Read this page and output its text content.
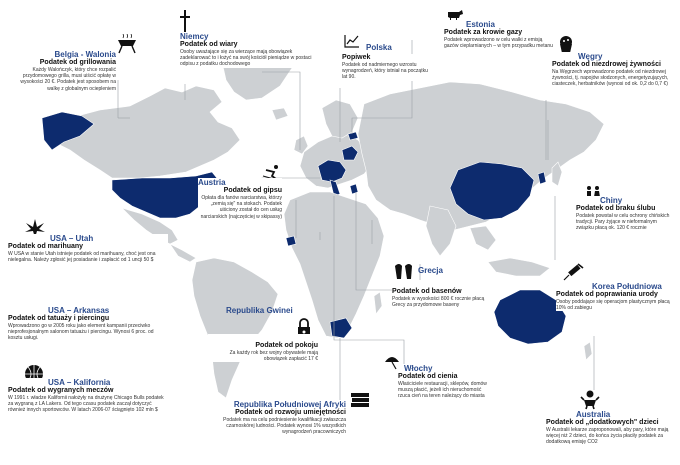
Belgia - Walonia
Podatek od grillowania
Każdy Walończyk, który chce rozpalić przydomowego grilla, musi uiścić opłatę w wysokości 20 €. Podatek jest sposobem na walkę z globalnym ociepleniem
Niemcy
Podatek od wiary
Osoby uważające się za wierzące mają obowiązek zadeklarować to i łożyć na swój kościół pieniądze w postaci odpisu z podatku dochodowego
Polska
Popiwek
Podatek od nadmiernego wzrostu wynagrodzeń, który istniał na początku lat 90.
Estonia
Podatek za krowie gazy
Podatek wprowadzono w celu walki z emisją gazów cieplarnianych – w tym przypadku metanu
Węgry
Podatek od niezdrowej żywności
Na Węgrzech wprowadzono podatek od niezdrowej żywności, tj. napojów słodzonych, energetyzujących, ciasteczek, herbatników (wynosi od ok. 0,2 do 0,7 €)
Austria
Podatek od gipsu
Opłata dla fanów narciarstwa, którzy „zemią się" na stokach. Podatek uiściony został do cen usług narciarskich (najczęściej w skipassy)
Chiny
Podatek od braku ślubu
Podatek powstał w celu ochrony chińskich tradycji. Pary żyjące w nieformalnym związku płacą ok. 120 € rocznie
USA – Utah
Podatek od marihuany
W USA w stanie Utah istnieje podatek od marihuany, choć jest ona nielegalna. Należy zgłosić jej posiadanie i zapłacić od 1 uncji 50 $
USA – Arkansas
Podatek od tatuaży i piercingu
Wprowadzono go w 2005 roku jako element kampanii przeciwko nieprofesjonalnym salonom tatuażu i piercingu. Wynosi 6 proc. od kosztu usługi.
USA – Kalifornia
Podatek od wygranych meczów
W 1991 r. władze Kalifornii nałożyły na drużynę Chicago Bulls podatek za wygraną z LA Lakers. Od tego czasu podatek zaczął dotyczyć również innych sportowców. W latach 2006-07 ściągnięto 102 mln $
Republika Gwinei
Podatek od pokoju
Za każdy rok bez wojny obywatele mają obowiązek zapłacić 17 €
Republika Południowej Afryki
Podatek od rozwoju umiejętności
Podatek ma na celu podniesienie kwalifikacji zwłaszcza czarnoskórej ludności. Podatek wynosi 1% wszystkich wynagrodzeń pracowniczych
Grecja
Podatek od basenów
Podatek w wysokości 800 € rocznie płacą Grecy za przydomowe baseny
Włochy
Podatek od cienia
Właściciele restauracji, sklepów, domów muszą płacić, jeżeli ich nieruchomość rzuca cień na teren należący do miasta
Korea Południowa
Podatek od poprawiania urody
Osoby poddające się operacjom plastycznym płacą 10% od zabiegu
Australia
Podatek od „dodatkowych" dzieci
W Australii lekarze zaproponowali, aby pary, które mają więcej niż 2 dzieci, do końca życia płaciły podatek za dodatkową emisję CO2
